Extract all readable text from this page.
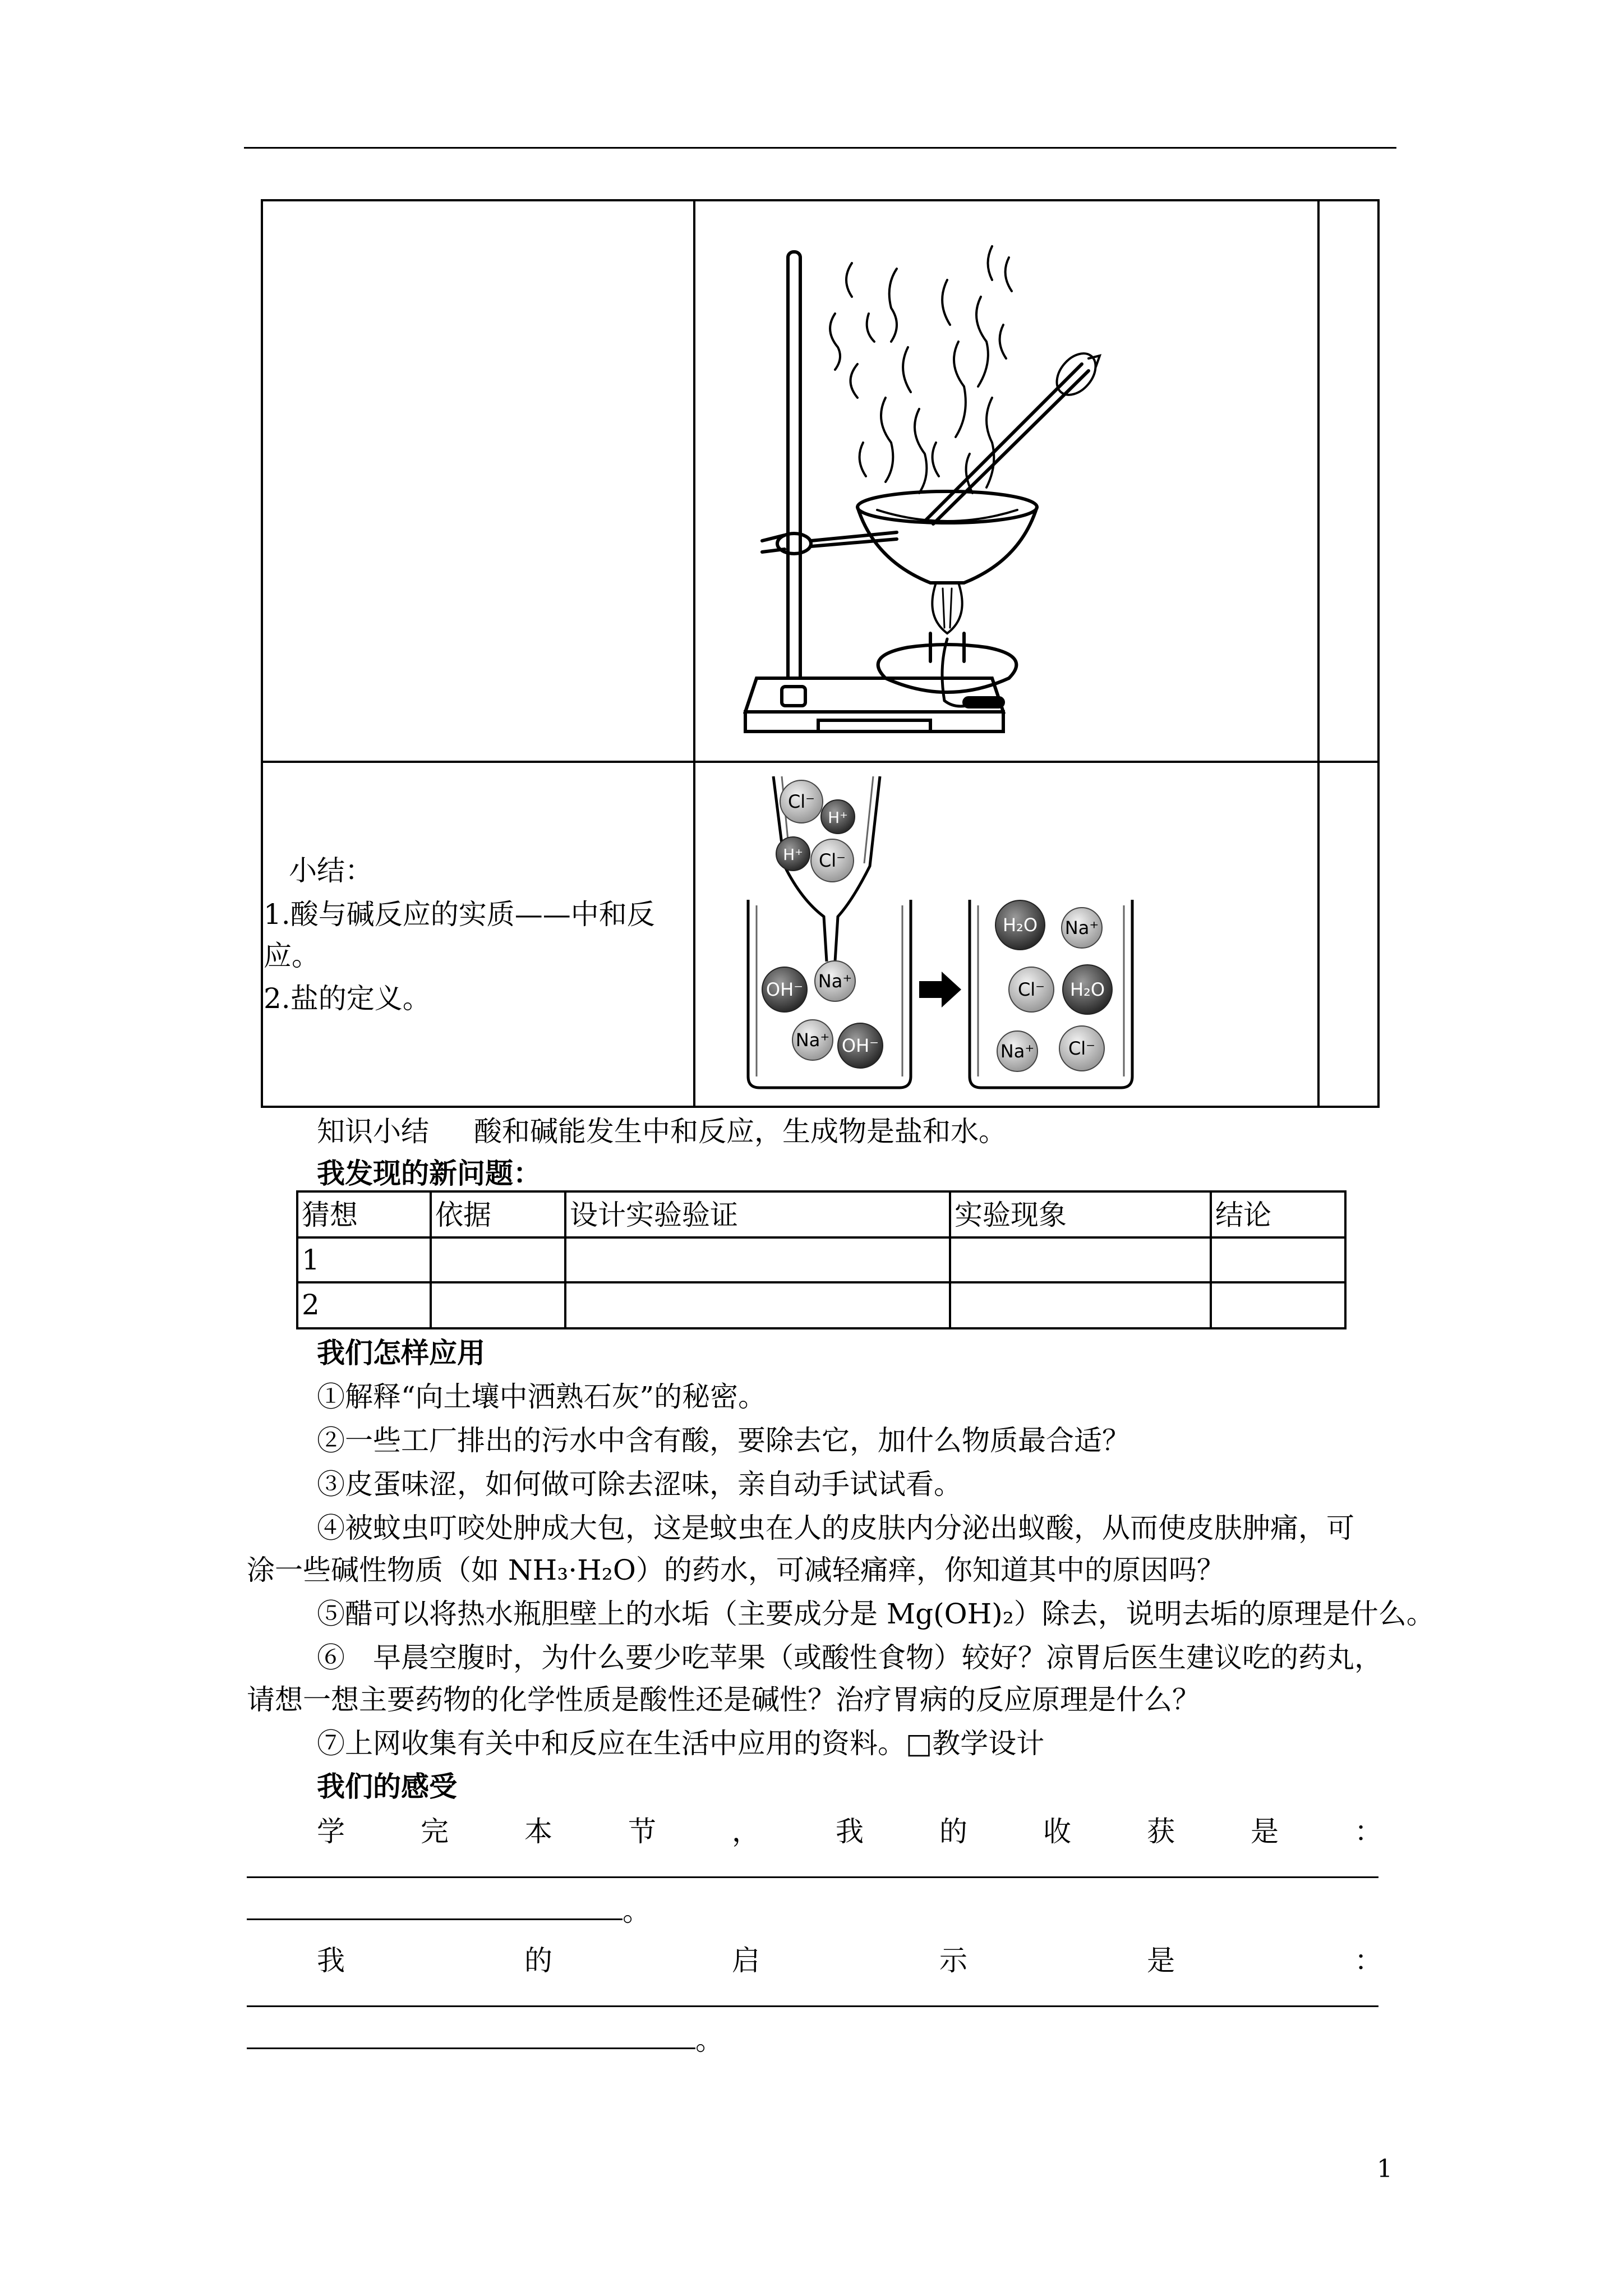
Cl⁻
H⁺
H⁺ Cl⁻
OH⁻ Na⁺
Na⁺ OH⁻
H₂O Na⁺
Cl⁻ H₂O
Na⁺ Cl⁻
小结：
1.酸与碱反应的实质——中和反
应。
2.盐的定义。
知识小结 酸和碱能发生中和反应，生成物是盐和水。
我发现的新问题：
猜想	依据	设计实验验证	实验现象	结论
1
2
我们怎样应用
①解释“向土壤中洒熟石灰”的秘密。
②一些工厂排出的污水中含有酸，要除去它，加什么物质最合适？
③皮蛋味涩，如何做可除去涩味，亲自动手试试看。
④被蚊虫叮咬处肿成大包，这是蚊虫在人的皮肤内分泌出蚁酸，从而使皮肤肿痛，可
涂一些碱性物质（如 NH₃·H₂O）的药水，可减轻痛痒，你知道其中的原因吗？
⑤醋可以将热水瓶胆壁上的水垢（主要成分是 Mg(OH)₂）除去，说明去垢的原理是什么。
⑥　早晨空腹时，为什么要少吃苹果（或酸性食物）较好？凉胃后医生建议吃的药丸，
请想一想主要药物的化学性质是酸性还是碱性？治疗胃病的反应原理是什么？
⑦上网收集有关中和反应在生活中应用的资料。□教学设计
我们的感受
学	完	本	节	，	我	的	收	获	是	：
。
我	的	启	示	是	：
。
1
